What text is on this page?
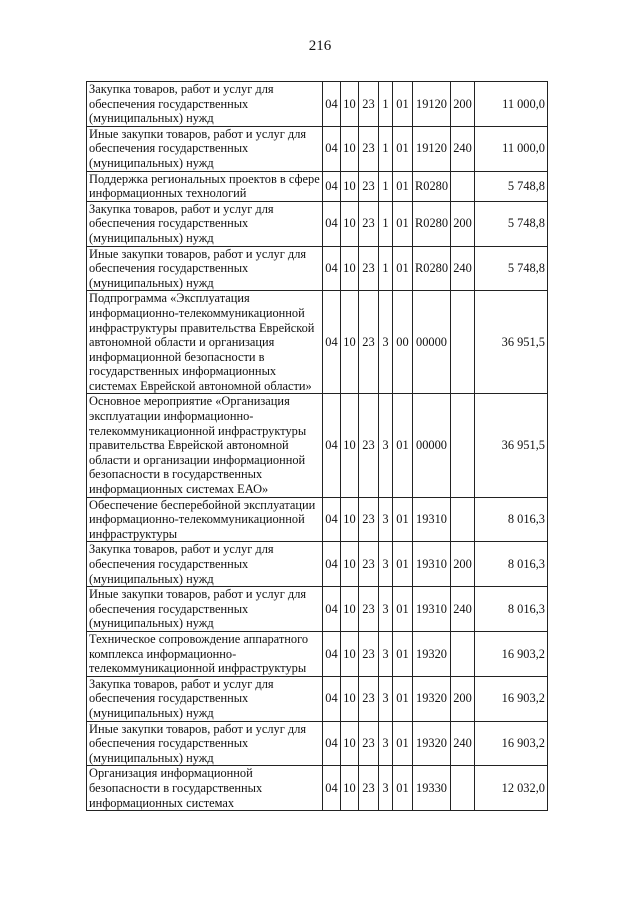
216
Закупка товаров, работ и услуг для обеспечения государственных (муниципальных) нужд	04	10	23	1	01	19120	200	11 000,0
Иные закупки товаров, работ и услуг для обеспечения государственных (муниципальных) нужд	04	10	23	1	01	19120	240	11 000,0
Поддержка региональных проектов в сфере информационных технологий	04	10	23	1	01	R0280		5 748,8
Закупка товаров, работ и услуг для обеспечения государственных (муниципальных) нужд	04	10	23	1	01	R0280	200	5 748,8
Иные закупки товаров, работ и услуг для обеспечения государственных (муниципальных) нужд	04	10	23	1	01	R0280	240	5 748,8
Подпрограмма «Эксплуатация информационно-телекоммуникационной инфраструктуры правительства Еврейской автономной области и организация информационной безопасности в государственных информационных системах Еврейской автономной области»	04	10	23	3	00	00000		36 951,5
Основное мероприятие «Организация эксплуатации информационно-телекоммуникационной инфраструктуры правительства Еврейской автономной области и организации информационной безопасности в государственных информационных системах ЕАО»	04	10	23	3	01	00000		36 951,5
Обеспечение бесперебойной эксплуатации информационно-телекоммуникационной инфраструктуры	04	10	23	3	01	19310		8 016,3
Закупка товаров, работ и услуг для обеспечения государственных (муниципальных) нужд	04	10	23	3	01	19310	200	8 016,3
Иные закупки товаров, работ и услуг для обеспечения государственных (муниципальных) нужд	04	10	23	3	01	19310	240	8 016,3
Техническое сопровождение аппаратного комплекса информационно-телекоммуникационной инфраструктуры	04	10	23	3	01	19320		16 903,2
Закупка товаров, работ и услуг для обеспечения государственных (муниципальных) нужд	04	10	23	3	01	19320	200	16 903,2
Иные закупки товаров, работ и услуг для обеспечения государственных (муниципальных) нужд	04	10	23	3	01	19320	240	16 903,2
Организация информационной безопасности в государственных информационных системах	04	10	23	3	01	19330		12 032,0
